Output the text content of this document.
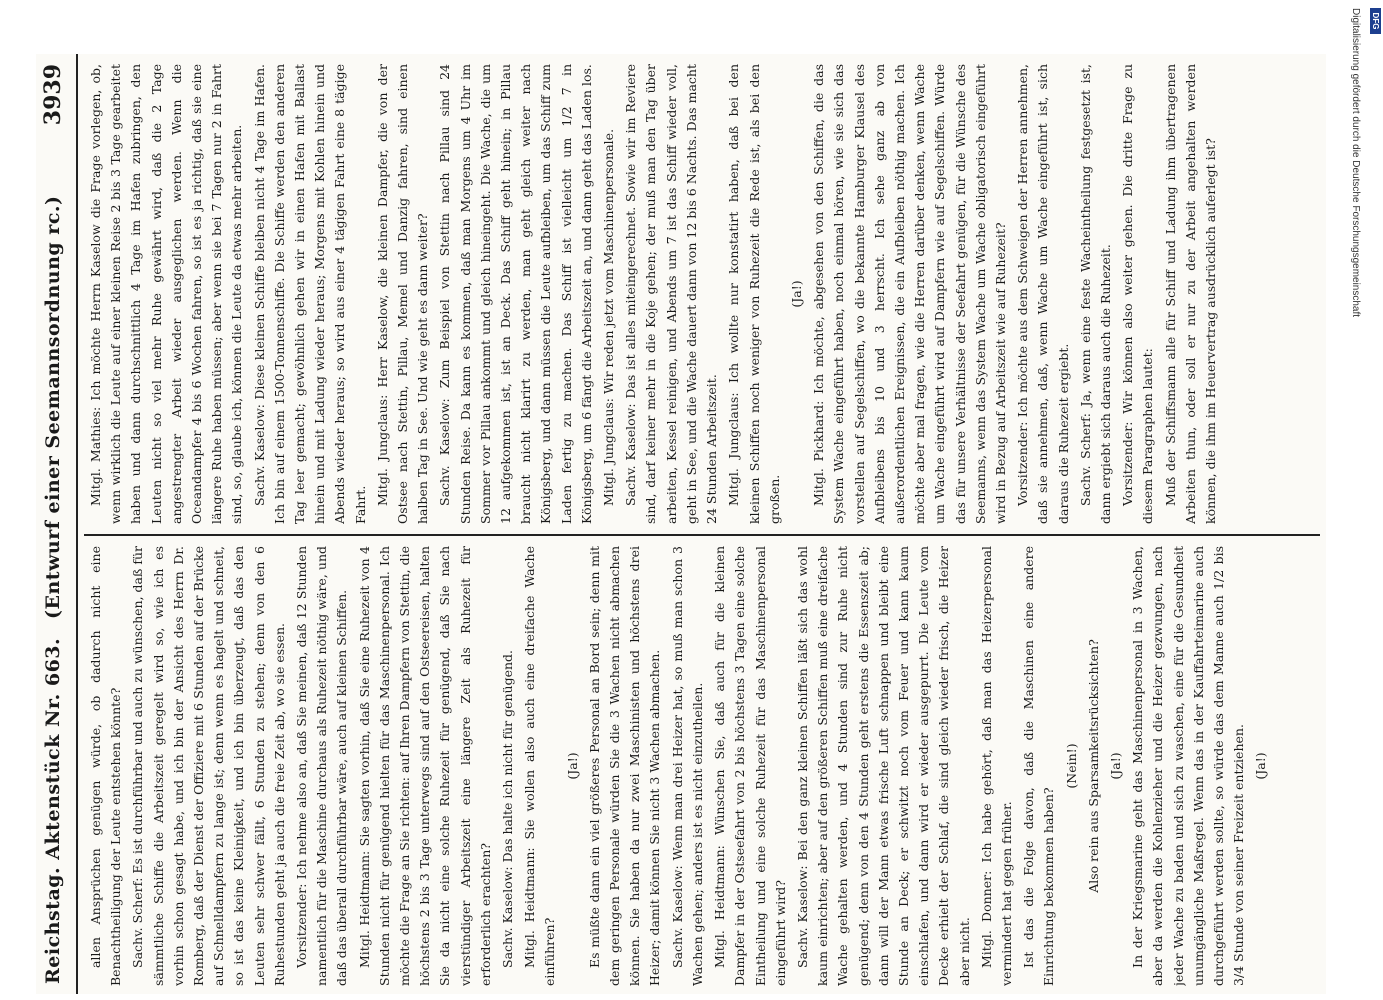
Reichstag. Aktenstück Nr. 663.
(Entwurf einer Seemannsordnung rc.)
3939

allen Ansprüchen genügen würde, ob dadurch nicht eine Benachtheiligung der Leute entstehen könnte? Sachv. Scherf: Es ist durchführbar und auch zu wünschen, daß für sämmtliche Schiffe die Arbeitszeit geregelt wird so, wie ich es vorhin schon gesagt habe, und ich bin der Ansicht des Herrn Dr. Romberg, daß der Dienst der Offiziere mit 6 Stunden auf der Brücke auf Schnelldampfern zu lange ist; denn wenn es hagelt und schneit, so ist das keine Kleinigkeit, und ich bin überzeugt, daß das den Leuten sehr schwer fällt, 6 Stunden zu stehen; denn von den 6 Ruhestunden geht ja auch die freie Zeit ab, wo sie essen. Vorsitzender: Ich nehme also an, daß Sie meinen, daß 12 Stunden namentlich für die Maschine durchaus als Ruhezeit nöthig wäre, und daß das überall durchführbar wäre, auch auf kleinen Schiffen. Mitgl. Heidtmann: Sie sagten vorhin, daß Sie eine Ruhezeit von 4 Stunden nicht für genügend hielten für das Maschinenpersonal. Ich möchte die Frage an Sie richten: auf Ihren Dampfern von Stettin, die höchstens 2 bis 3 Tage unterwegs sind auf den Ostseereisen, halten Sie da nicht eine solche Ruhezeit für genügend, daß Sie nach vierstündiger Arbeitszeit eine längere Zeit als Ruhezeit für erforderlich erachten? Sachv. Kaselow: Das halte ich nicht für genügend. Mitgl. Heidtmann: Sie wollen also auch eine dreifache Wache einführen?

(Ja!) Es müßte dann ein viel größeres Personal an Bord sein; denn mit dem geringen Personale würden Sie die 3 Wachen nicht abmachen können. Sie haben da nur zwei Maschinisten und höchstens drei Heizer; damit können Sie nicht 3 Wachen abmachen. Sachv. Kaselow: Wenn man drei Heizer hat, so muß man schon 3 Wachen gehen; anders ist es nicht einzutheilen. Mitgl. Heidtmann: Wünschen Sie, daß auch für die kleinen Dampfer in der Ostseefahrt von 2 bis höchstens 3 Tagen eine solche Eintheilung und eine solche Ruhezeit für das Maschinenpersonal eingeführt wird? Sachv. Kaselow: Bei den ganz kleinen Schiffen läßt sich das wohl kaum einrichten; aber auf den größeren Schiffen muß eine dreifache Wache gehalten werden, und 4 Stunden sind zur Ruhe nicht genügend; denn von den 4 Stunden geht erstens die Essenszeit ab; dann will der Mann etwas frische Luft schnappen und bleibt eine Stunde an Deck; er schwitzt noch vom Feuer und kann kaum einschlafen, und dann wird er wieder ausgepurrt. Die Leute vom Decke erhielt der Schlaf, die sind gleich wieder frisch, die Heizer aber nicht. Mitgl. Donner: Ich habe gehört, daß man das Heizerpersonal vermindert hat gegen früher. Ist das die Folge davon, daß die Maschinen eine andere Einrichtung bekommen haben?

(Nein!) Also rein aus Sparsamkeitsrücksichten? (Ja!) In der Kriegsmarine geht das Maschinenpersonal in 3 Wachen, aber da werden die Kohlenzieher und die Heizer gezwungen, nach jeder Wache zu baden und sich zu waschen, eine für die Gesundheit unumgängliche Maßregel. Wenn das in der Kauffahrteimarine auch durchgeführt werden sollte, so würde das dem Manne auch 1/2 bis 3/4 Stunde von seiner Freizeit entziehen. (Ja!)

Mitgl. Mathies: Ich möchte Herrn Kaselow die Frage vorlegen, ob, wenn wirklich die Leute auf einer kleinen Reise 2 bis 3 Tage gearbeitet haben und dann durchschnittlich 4 Tage im Hafen zubringen, den Leuten nicht so viel mehr Ruhe gewährt wird, daß die 2 Tage angestrengter Arbeit wieder ausgeglichen werden. Wenn die Oceandampfer 4 bis 6 Wochen fahren, so ist es ja richtig, daß sie eine längere Ruhe haben müssen; aber wenn sie bei 7 Tagen nur 2 in Fahrt sind, so, glaube ich, können die Leute da etwas mehr arbeiten. Sachv. Kaselow: Diese kleinen Schiffe bleiben nicht 4 Tage im Hafen. Ich bin auf einem 1500-Tonnenschiffe. Die Schiffe werden den anderen Tag leer gemacht; gewöhnlich gehen wir in einen Hafen mit Ballast hinein und mit Ladung wieder heraus; Morgens mit Kohlen hinein und Abends wieder heraus; so wird aus einer 4 tägigen Fahrt eine 8 tägige Fahrt. Mitgl. Jungclaus: Herr Kaselow, die kleinen Dampfer, die von der Ostsee nach Stettin, Pillau, Memel und Danzig fahren, sind einen halben Tag in See. Und wie geht es dann weiter? Sachv. Kaselow: Zum Beispiel von Stettin nach Pillau sind 24 Stunden Reise. Da kann es kommen, daß man Morgens um 4 Uhr im Sommer vor Pillau ankommt und gleich hineingeht. Die Wache, die um 12 aufgekommen ist, ist an Deck. Das Schiff geht hinein; in Pillau braucht nicht klarirt zu werden, man geht gleich weiter nach Königsberg, und dann müssen die Leute aufbleiben, um das Schiff zum Laden fertig zu machen. Das Schiff ist vielleicht um 1/2 7 in Königsberg, um 6 fängt die Arbeitszeit an, und dann geht das Laden los. Mitgl. Jungclaus: Wir reden jetzt vom Maschinenpersonale. Sachv. Kaselow: Das ist alles miteingerechnet. Sowie wir im Reviere sind, darf keiner mehr in die Koje gehen; der muß man den Tag über arbeiten, Kessel reinigen, und Abends um 7 ist das Schiff wieder voll, geht in See, und die Wache dauert dann von 12 bis 6 Nachts. Das macht 24 Stunden Arbeitszeit. Mitgl. Jungclaus: Ich wollte nur konstatirt haben, daß bei den kleinen Schiffen noch weniger von Ruhezeit die Rede ist, als bei den großen.

(Ja!) Mitgl. Pickhard: Ich möchte, abgesehen von den Schiffen, die das System Wache eingeführt haben, noch einmal hören, wie sie sich das vorstellen auf Segelschiffen, wo die bekannte Hamburger Klausel des Aufbleibens bis 10 und 3 herrscht. Ich sehe ganz ab von außerordentlichen Ereignissen, die ein Aufbleiben nöthig machen. Ich möchte aber mal fragen, wie die Herren darüber denken, wenn Wache um Wache eingeführt wird auf Dampfern wie auf Segelschiffen. Würde das für unsere Verhältnisse der Seefahrt genügen, für die Wünsche des Seemanns, wenn das System Wache um Wache obligatorisch eingeführt wird in Bezug auf Arbeitszeit wie auf Ruhezeit? Vorsitzender: Ich möchte aus dem Schweigen der Herren annehmen, daß sie annehmen, daß, wenn Wache um Wache eingeführt ist, sich daraus die Ruhezeit ergiebt. Sachv. Scherf: Ja, wenn eine feste Wacheintheilung festgesetzt ist, dann ergiebt sich daraus auch die Ruhezeit. Vorsitzender: Wir können also weiter gehen. Die dritte Frage zu diesem Paragraphen lautet: Muß der Schiffsmann alle für Schiff und Ladung ihm übertragenen Arbeiten thun, oder soll er nur zu der Arbeit angehalten werden können, die ihm im Heuervertrag ausdrücklich auferlegt ist?	Digitalisierung gefördert durch die Deutsche Forschungsgemeinschaft	DFG
